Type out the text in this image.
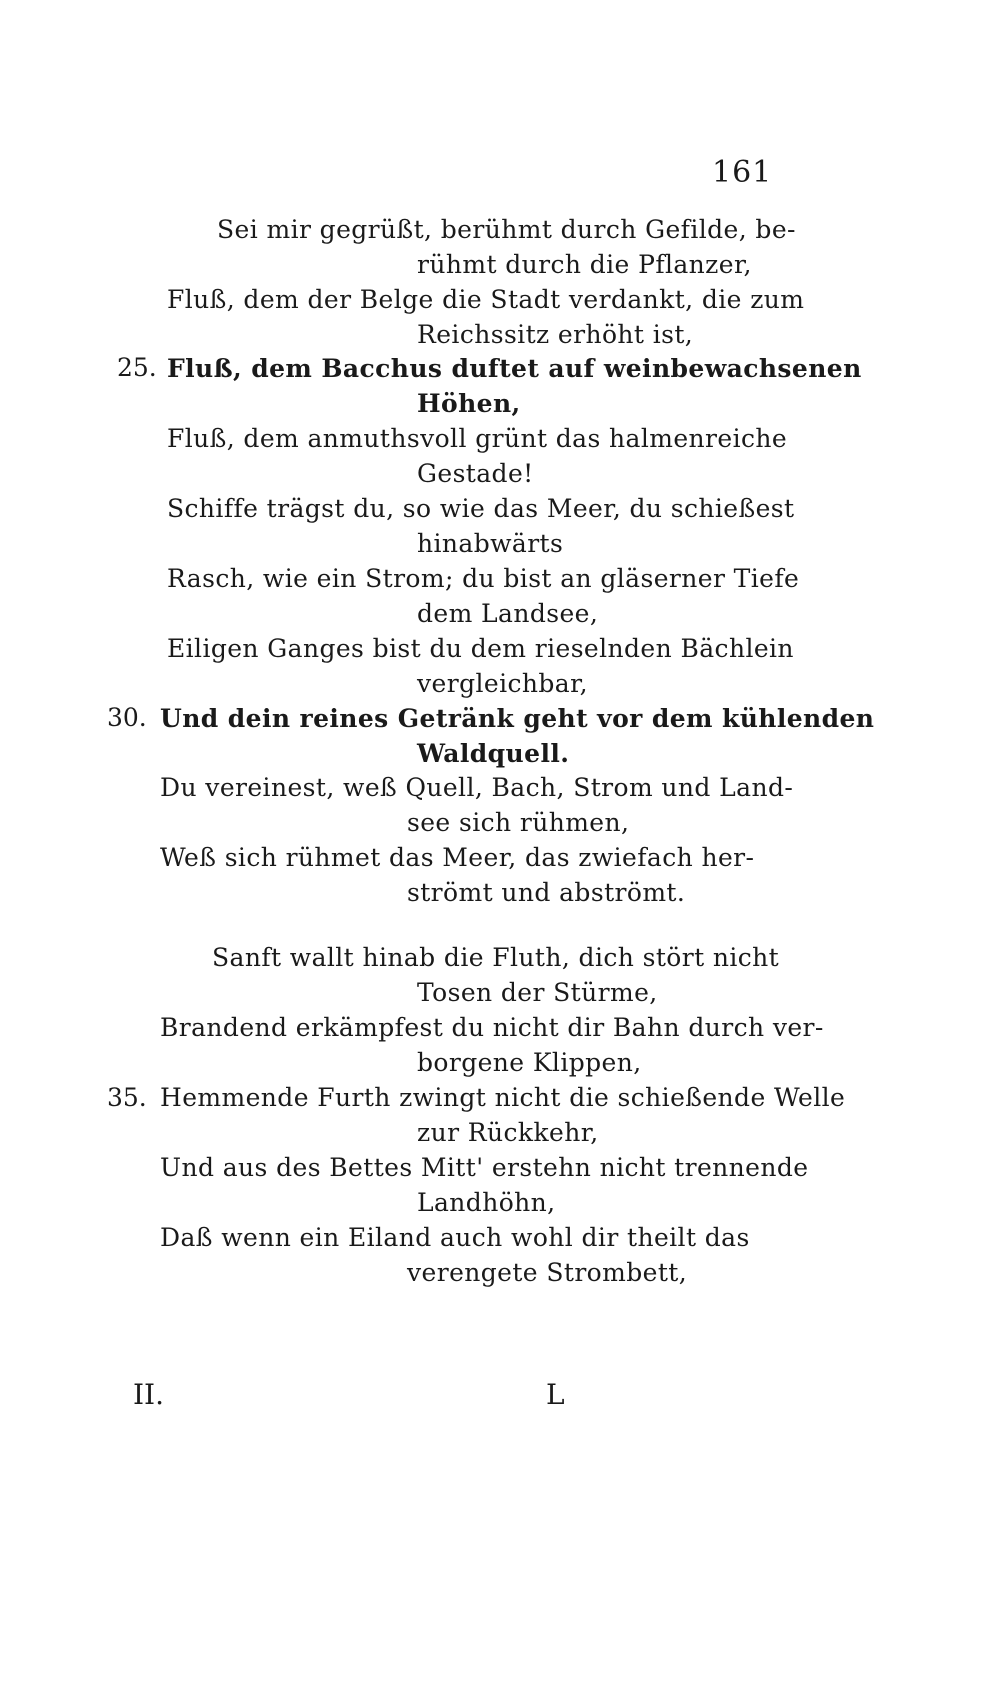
161
25.
30.
35.
Sei mir gegrüßt, berühmt durch Gefilde, be-
rühmt durch die Pflanzer,
Fluß, dem der Belge die Stadt verdankt, die zum
Reichssitz erhöht ist,
Fluß, dem Bacchus duftet auf weinbewachsenen
Höhen,
Fluß, dem anmuthsvoll grünt das halmenreiche
Gestade!
Schiffe trägst du, so wie das Meer, du schießest
hinabwärts
Rasch, wie ein Strom; du bist an gläserner Tiefe
dem Landsee,
Eiligen Ganges bist du dem rieselnden Bächlein
vergleichbar,
Und dein reines Getränk geht vor dem kühlenden
Waldquell.
Du vereinest, weß Quell, Bach, Strom und Land-
see sich rühmen,
Weß sich rühmet das Meer, das zwiefach her-
strömt und abströmt.
Sanft wallt hinab die Fluth, dich stört nicht
Tosen der Stürme,
Brandend erkämpfest du nicht dir Bahn durch ver-
borgene Klippen,
Hemmende Furth zwingt nicht die schießende Welle
zur Rückkehr,
Und aus des Bettes Mitt' erstehn nicht trennende
Landhöhn,
Daß wenn ein Eiland auch wohl dir theilt das
verengete Strombett,
II.	L
